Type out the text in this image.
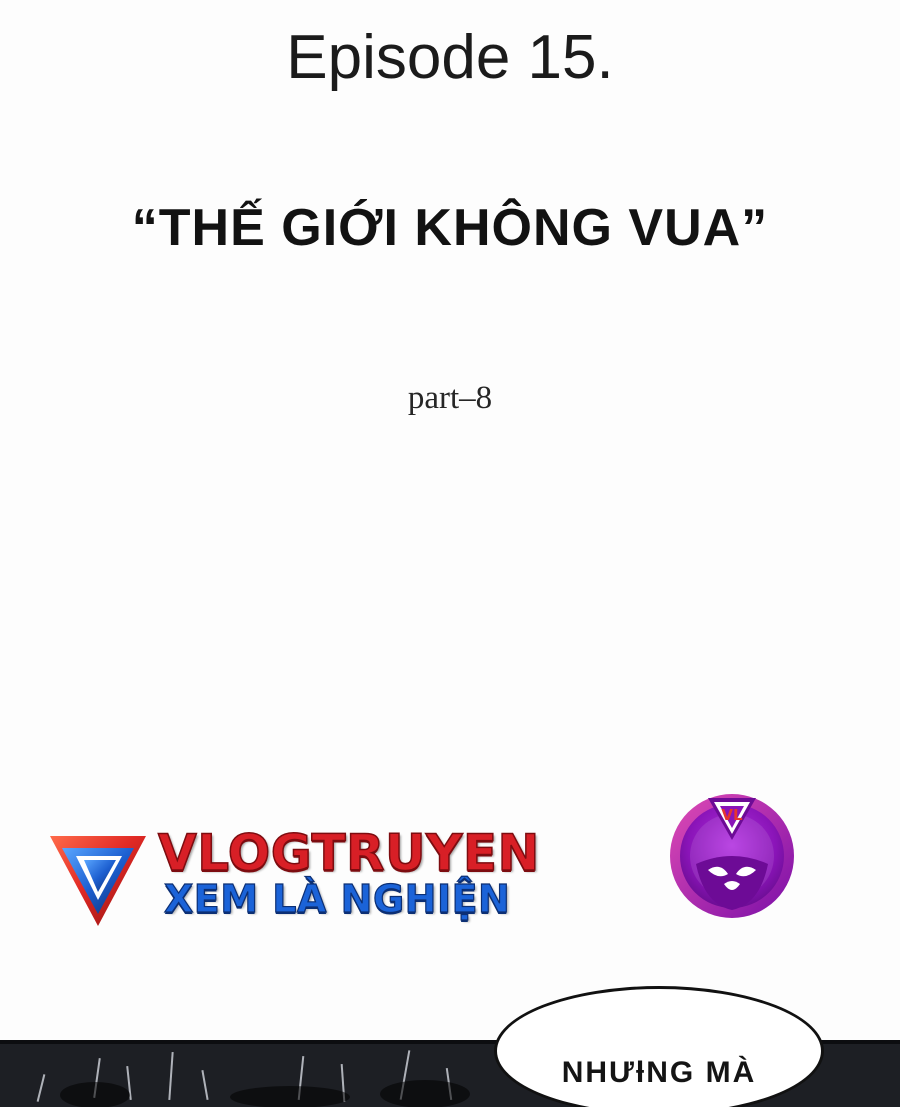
Episode 15.
“THẾ GIỚI KHÔNG VUA”
part–8
VLOGTRUYEN
XEM LÀ NGHIỆN
VL
NHƯƚNG MÀ
